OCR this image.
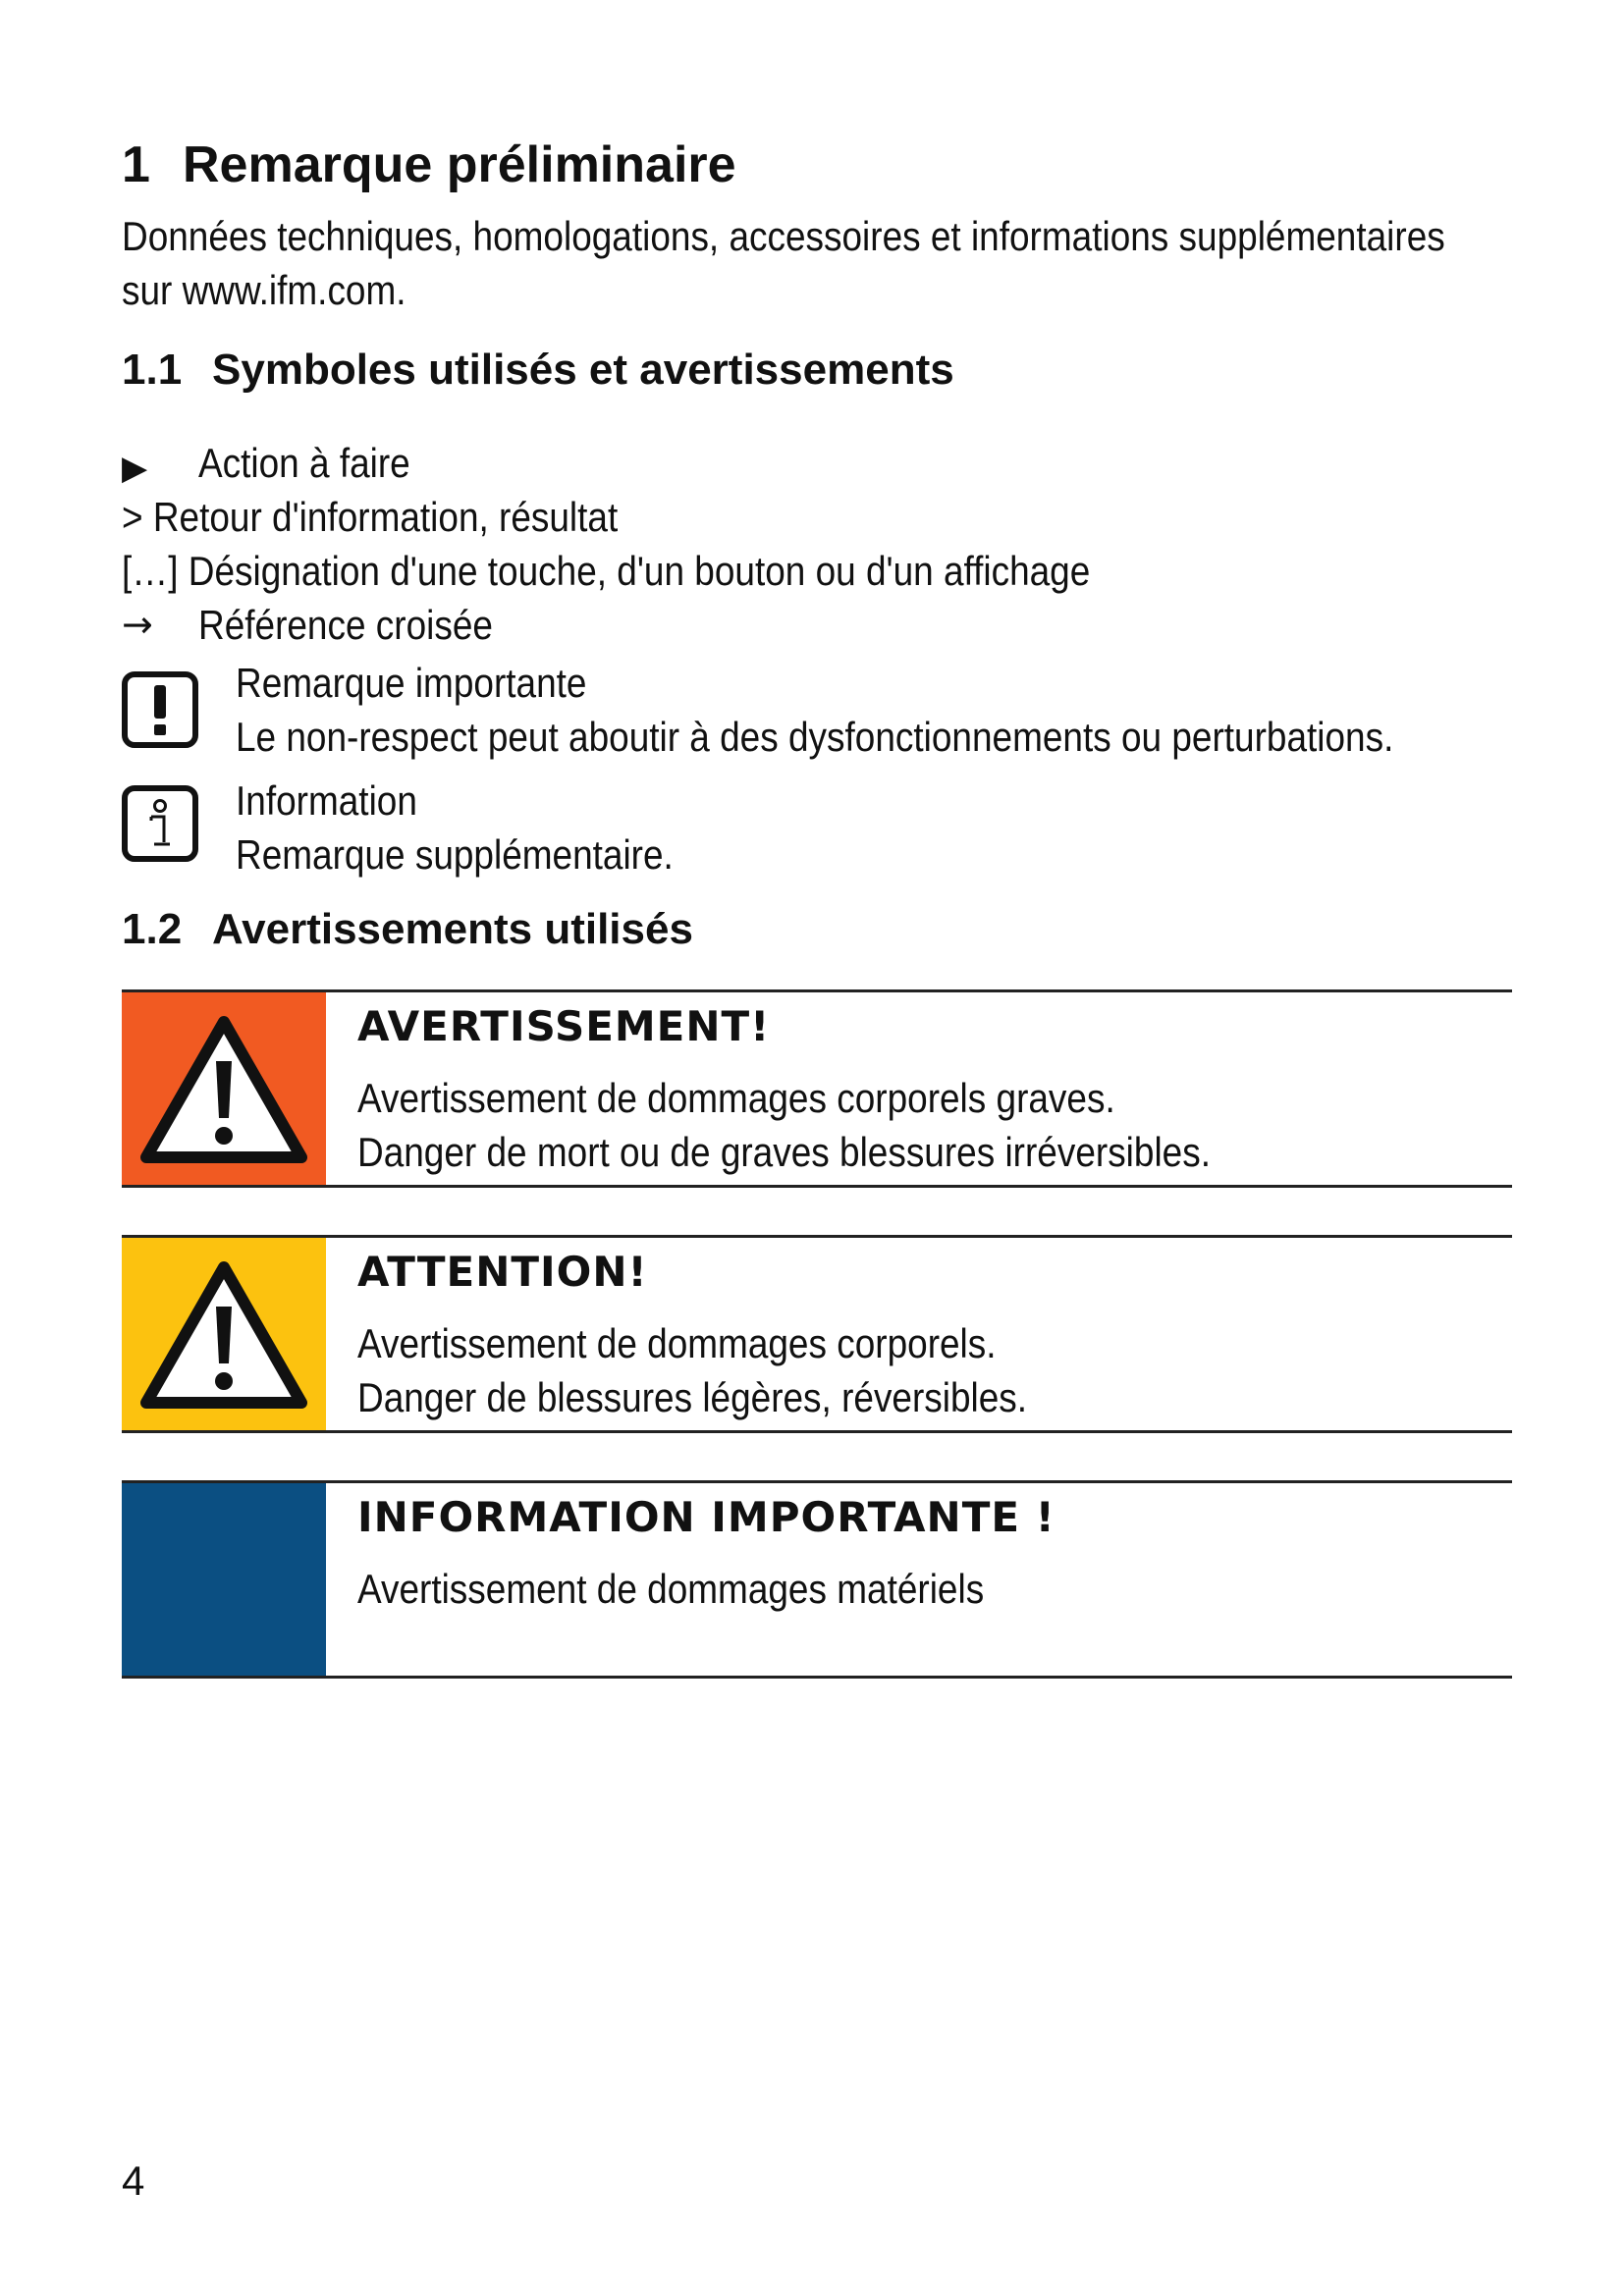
1 Remarque préliminaire
Données techniques, homologations, accessoires et informations supplémentaires
sur www.ifm.com.
1.1 Symboles utilisés et avertissements
▶ Action à faire
> Retour d'information, résultat
[…] Désignation d'une touche, d'un bouton ou d'un affichage
→ Référence croisée
Remarque importante
Le non-respect peut aboutir à des dysfonctionnements ou perturbations.
Information
Remarque supplémentaire.
1.2 Avertissements utilisés
AVERTISSEMENT!
Avertissement de dommages corporels graves.
Danger de mort ou de graves blessures irréversibles.
ATTENTION!
Avertissement de dommages corporels.
Danger de blessures légères, réversibles.
INFORMATION IMPORTANTE !
Avertissement de dommages matériels
4
